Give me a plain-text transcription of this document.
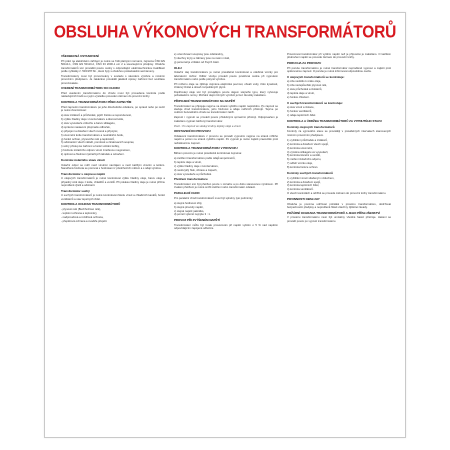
OBSLUHA VÝKONOVÝCH TRANSFORMÁTORŮ
VŠEOBECNÁ USTANOVENÍ

Při práci na elektrickém zařízení je nutné se řídit platnými normami, zejména ČSN EN 50110-1, ČSN EN 50110-2, ČSN 33 2000-1 ed. 2 a souvisejícími předpisy. Obsluhu transformátorů smí provádět pouze osoby s odpovídající elektrotechnickou kvalifikací podle vyhlášky č. 50/1978 Sb., které byly s obsluhou prokazatelně seznámeny.

Transformátory musí být provozovány v souladu s návodem výrobce a místním provozním předpisem. Je zakázáno provádět jakékoli úpravy zařízení bez souhlasu provozovatele.

UVEDENÍ TRANSFORMÁTORU DO CHODU

Před uvedením transformátoru do chodu musí být provedena kontrola podle následujících bodů a o jejím výsledku proveden záznam do provozní knihy.

KONTROLA TRANSFORMÁTORU PŘED ZAPNUTÍM

Před zapnutím transformátoru po jeho dlouhodobé odstávce, po opravě nebo po revizi je nutné zkontrolovat:

a) stav izolátorů a průchodek, jejich čistotu a neporušenost,
b) výšku hladiny oleje v konzervátoru a těsnost kotle,
c) stav vysoušeče vzduchu a barvu silikagelu,
d) správné nastavení přepínače odboček,
e) připojení a dotažení všech svorek a přípojnic,
f) uzemnění kotle transformátoru a neutrálního bodu,
g) funkci ochran, plynového relé a teploměrů,
h) odstranění všech nářadí, pomůcek a zkratovacích souprav,
i) volný přístup ke zařízení a funkci větrání kobky,
j) hodnotu izolačního odporu vinutí změřenou megmetrem,
k) úplnost a čitelnost výstražných tabulek a označení.
Kontrola izolačního stavu vinutí

Izolační odpor se měří mezi vinutími navzájem a mezi každým vinutím a kotlem. Naměřená hodnota se porovná s hodnotami z předchozích měření a s údaji výrobce.

Transformátor s olejovou náplní

U olejových transformátorů je nutné kontrolovat výšku hladiny oleje, barvu oleje a případný únik oleje z kotle, chladičů a ventilů. Při poklesu hladiny oleje je nutné příčinu neprodleně zjistit a odstranit.

Transformátor suchý

U suchých transformátorů je nutné kontrolovat čistotu vinutí a chladicích kanálů, funkci ventilátorů a stav tepelných čidel.

KONTROLA OCHRAN TRANSFORMÁTORŮ
- plynové relé (Buchholzovo relé),
- teplotní ochrana a teploměry,
- nadproudová a rozdílová ochrana,
- přepěťová ochrana a svodiče přepětí.
e) uzemňovací soupravy jsou odstraněny,
f) všechny kryty a zábrany jsou na svém místě,
g) personál je vzdálen od živých částí.
OLEJ

Izolační olej transformátoru je nutné pravidelně kontrolovat a odebírat vzorky pro laboratorní rozbor. Odběr vzorku provádí pouze pověřená osoba při vypnutém transformátoru nebo podle pokynů výrobce.

Při rozboru oleje se zjišťuje zejména elektrická pevnost, obsah vody, číslo kyselosti, ztrátový činitel a obsah rozpuštěných plynů.

Doplňování oleje smí být prováděno pouze olejem stejného typu, který vyhovuje požadavkům normy. Míchání olejů různých výrobců je bez zkoušky zakázáno.

PŘIPOJENÍ TRANSFORMÁTORU NA NAPĚTÍ

Transformátor se připojuje nejprve na straně vyššího napětí naprázdno. Po zapnutí se sleduje chod transformátoru, jeho hlučnost a údaje měřicích přístrojů. Teprve po ověření bezvadného chodu se transformátor zatíží.

Zapnutí i vypnutí se provádí pouze příslušnými spínacími přístroji. Odpojovačem je zakázáno vypínat zatížený transformátor.

Pozn.: Po zapnutí se sledují změny teploty oleje a vinutí.

ODSTAVENÍ DO PROVOZU

Odstavení transformátoru z provozu se provádí vypnutím nejprve na straně nižšího napětí a potom na straně vyššího napětí. Po vypnutí je nutné zajistit pracoviště proti nežádoucímu zapnutí.

KONTROLA TRANSFORMÁTORU V PROVOZU

Během provozu je nutné pravidelně kontrolovat zejména:

a) zatížení transformátoru podle údajů ampérmetrů,
b) teplotu oleje a vinutí,
c) výšku hladiny oleje v konzervátoru,
d) neobvyklý hluk, vibrace a zápach,
e) stav vysoušeče a průchodek.
Přetížení transformátoru

Transformátor smí být přetížen pouze v rozsahu a po dobu stanovenou výrobcem. Při trvalém přetížení je nutné snížit zatížení nebo transformátor odstavit.

PARALELNÍ CHOD

Pro paralelní chod transformátorů musí být splněny tyto podmínky:

a) stejné hodinové úhly,
b) stejné převody napětí,
c) stejná napětí nakrátko,
d) poměr výkonů nejvýše 3 : 1.
PROVOZ PŘI ZVÝŠENÉM NAPĚTÍ

Transformátor může být trvale provozován při napětí vyšším o 5 % nad napětím odpovídajícím zapojené odbočce.

Provozovat transformátor při vyšším napětí než je přípustné je zakázáno. O každém překročení napětí se provede záznam do provozní knihy.

PORUCHA ZA PROVOZU

Při poruše transformátoru je nutné transformátor neprodleně vypnout a zajistit proti opětovnému zapnutí. O poruše je nutné informovat odpovědnou osobu.

U olejových transformátorů se kontroluje:
a) zda nedošlo k úniku oleje,
b) zda nezapůsobilo plynové relé,
c) stav průchodek a izolátorů,
d) teplota oleje a vinutí,
e) funkce chlazení.
U suchých transformátorů se kontroluje:
a) stav vinutí a izolace,
b) funkce ventilátorů,
c) údaje teplotních čidel.
KONTROLA A ÚDRŽBA TRANSFORMÁTORŮ ZA VYPNUTÉHO STAVU
Kontroly olejových transformátorů

Kontroly za vypnutého stavu se provádějí v pravidelných intervalech stanovených místním provozním předpisem.

1) vyčištění průchodek a izolátorů,
2) kontrola a dotažení všech spojů,
3) kontrola uzemnění,
4) výměna silikagelu ve vysoušeči,
5) kontrola těsnění a ventilů,
6) měření izolačního odporu,
7) odběr vzorku oleje,
8) kontrola funkce ochran.
Kontroly suchých transformátorů
1) vyčištění vinutí stlačeným vzduchem,
2) kontrola a dotažení spojů,
3) kontrola teplotních čidel,
4) kontrola ventilátorů.

O všech kontrolách a údržbě se provede záznam do provozní knihy transformátoru.

POVINNOSTI OBSLUHY

Obsluha je povinna udržovat pořádek v prostoru transformátoru, dodržovat bezpečnostní předpisy a neprodleně hlásit všechny zjištěné závady.

POŽÁRNÍ OCHRANA TRANSFORMÁTORŮ A JEHO PŘÍSLUŠENSTVÍ

V prostoru transformátoru musí být umístěny vhodné hasicí přístroje. Hašení se provádí pouze po vypnutí transformátoru.
